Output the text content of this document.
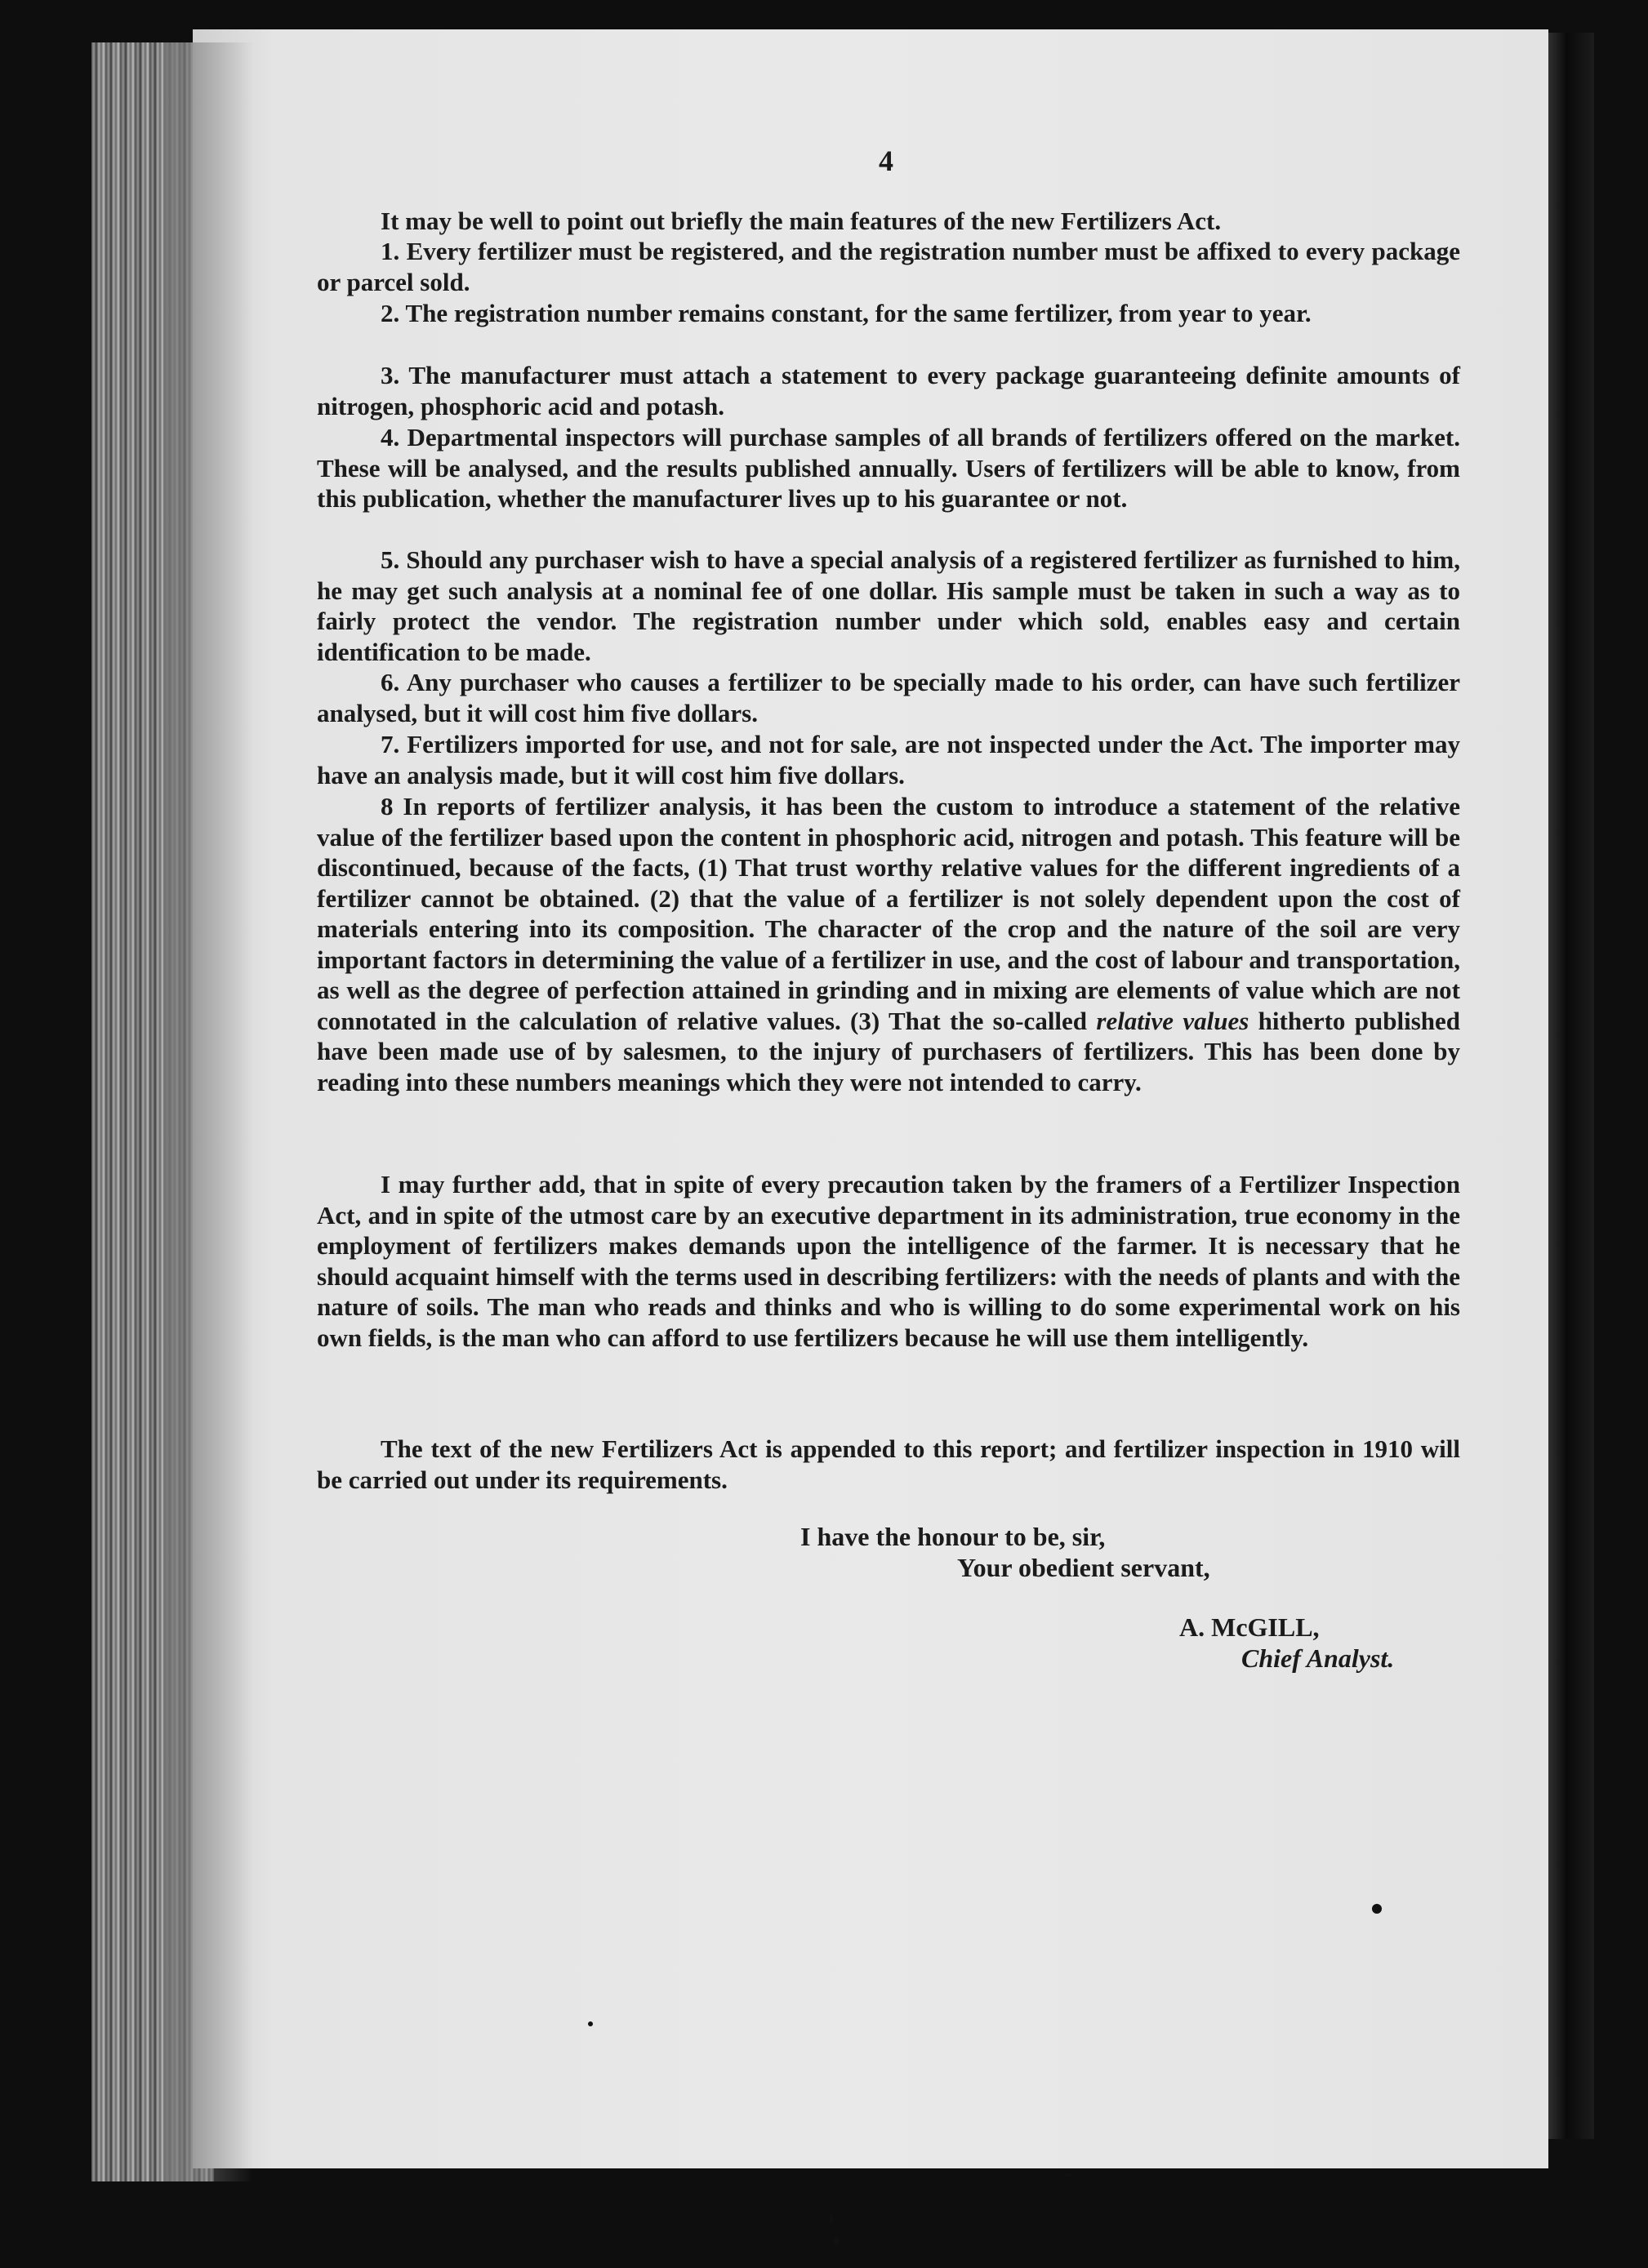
4

It may be well to point out briefly the main features of the new Fertilizers Act.

1. Every fertilizer must be registered, and the registration number must be affixed to every package or parcel sold.

2. The registration number remains constant, for the same fertilizer, from year to year.

3. The manufacturer must attach a statement to every package guaranteeing definite amounts of nitrogen, phosphoric acid and potash.

4. Departmental inspectors will purchase samples of all brands of fertilizers offered on the market. These will be analysed, and the results published annually. Users of fertilizers will be able to know, from this publication, whether the manufacturer lives up to his guarantee or not.

5. Should any purchaser wish to have a special analysis of a registered fertilizer as furnished to him, he may get such analysis at a nominal fee of one dollar. His sample must be taken in such a way as to fairly protect the vendor. The registration number under which sold, enables easy and certain identification to be made.

6. Any purchaser who causes a fertilizer to be specially made to his order, can have such fertilizer analysed, but it will cost him five dollars.

7. Fertilizers imported for use, and not for sale, are not inspected under the Act. The importer may have an analysis made, but it will cost him five dollars.

8 In reports of fertilizer analysis, it has been the custom to introduce a statement of the relative value of the fertilizer based upon the content in phosphoric acid, nitrogen and potash. This feature will be discontinued, because of the facts, (1) That trust worthy relative values for the different ingredients of a fertilizer cannot be obtained. (2) that the value of a fertilizer is not solely dependent upon the cost of materials entering into its composition. The character of the crop and the nature of the soil are very important factors in determining the value of a fertilizer in use, and the cost of labour and transportation, as well as the degree of perfection attained in grinding and in mixing are elements of value which are not connotated in the calculation of relative values. (3) That the so-called relative values hitherto published have been made use of by salesmen, to the injury of purchasers of fertilizers. This has been done by reading into these numbers meanings which they were not intended to carry.

I may further add, that in spite of every precaution taken by the framers of a Fertilizer Inspection Act, and in spite of the utmost care by an executive department in its administration, true economy in the employment of fertilizers makes demands upon the intelligence of the farmer. It is necessary that he should acquaint himself with the terms used in describing fertilizers: with the needs of plants and with the nature of soils. The man who reads and thinks and who is willing to do some experimental work on his own fields, is the man who can afford to use fertilizers because he will use them intelligently.

The text of the new Fertilizers Act is appended to this report; and fertilizer inspection in 1910 will be carried out under its requirements.

I have the honour to be, sir,
Your obedient servant,
A. McGILL,
Chief Analyst.
